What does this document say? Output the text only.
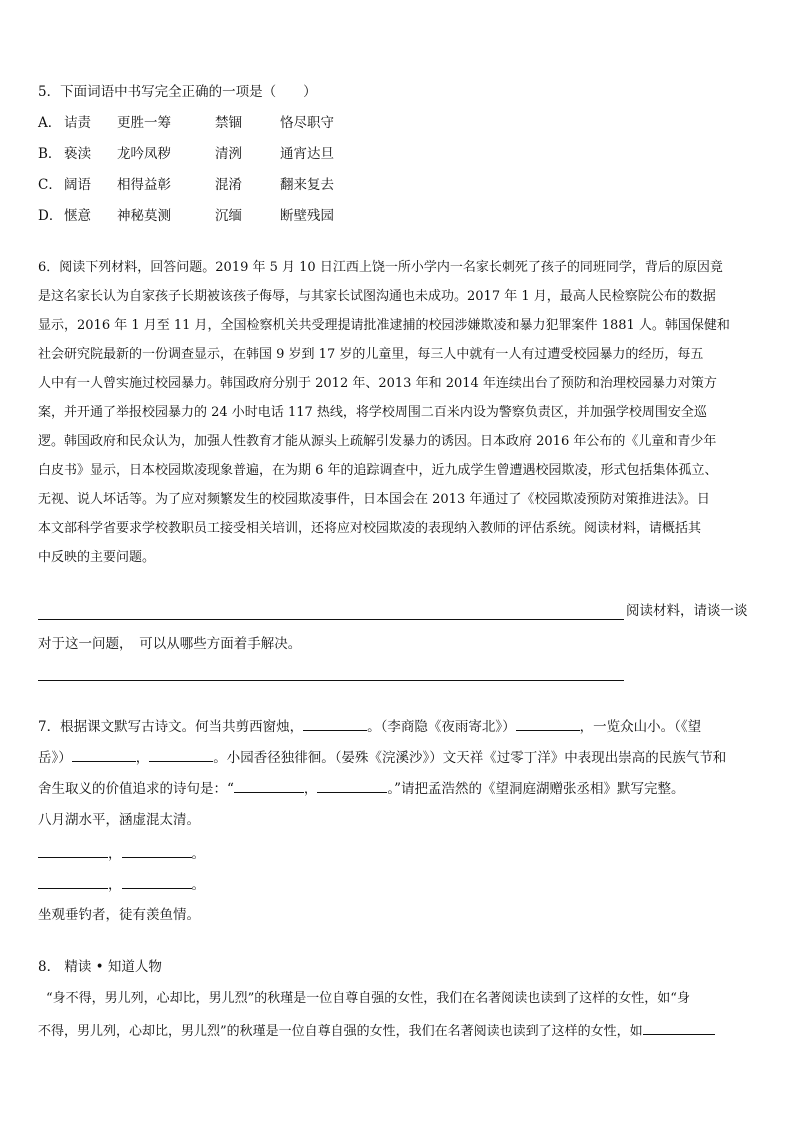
5．下面词语中书写完全正确的一项是（　　）
A． 诘责 更胜一筹	禁锢	恪尽职守
B． 亵渎 龙吟凤秽	清洌	通宵达旦
C． 阔语 相得益彰	混淆	翻来复去
D． 惬意 神秘莫测	沉缅	断壁残园
6．阅读下列材料，回答问题。2019 年 5 月 10 日江西上饶一所小学内一名家长刺死了孩子的同班同学，背后的原因竟
是这名家长认为自家孩子长期被该孩子侮辱，与其家长试图沟通也未成功。2017 年 1 月，最高人民检察院公布的数据
显示，2016 年 1 月至 11 月，全国检察机关共受理提请批准逮捕的校园涉嫌欺凌和暴力犯罪案件 1881 人。韩国保健和
社会研究院最新的一份调查显示，在韩国 9 岁到 17 岁的儿童里，每三人中就有一人有过遭受校园暴力的经历，每五
人中有一人曾实施过校园暴力。韩国政府分别于 2012 年、2013 年和 2014 年连续出台了预防和治理校园暴力对策方
案，并开通了举报校园暴力的 24 小时电话 117 热线，将学校周围二百米内设为警察负责区，并加强学校周围安全巡
逻。韩国政府和民众认为，加强人性教育才能从源头上疏解引发暴力的诱因。日本政府 2016 年公布的《儿童和青少年
白皮书》显示，日本校园欺凌现象普遍，在为期 6 年的追踪调查中，近九成学生曾遭遇校园欺凌，形式包括集体孤立、
无视、说人坏话等。为了应对频繁发生的校园欺凌事件，日本国会在 2013 年通过了《校园欺凌预防对策推进法》。日
本文部科学省要求学校教职员工接受相关培训，还将应对校园欺凌的表现纳入教师的评估系统。阅读材料，请概括其
中反映的主要问题。
阅读材料，请谈一谈
对于这一问题，　可以从哪些方面着手解决。
7．根据课文默写古诗文。何当共剪西窗烛，	。（李商隐《夜雨寄北》）	，一览众山小。（《望
岳》）	，	。小园香径独徘徊。（晏殊《浣溪沙》）文天祥《过零丁洋》中表现出崇高的民族气节和
舍生取义的价值追求的诗句是：“	，	。”请把孟浩然的《望洞庭湖赠张丞相》默写完整。
八月湖水平，涵虚混太清。
，	。
，	。
坐观垂钓者，徒有羡鱼情。
8． 精读 • 知道人物
“身不得，男儿列，心却比，男儿烈”的秋瑾是一位自尊自强的女性，我们在名著阅读也读到了这样的女性，如“身
不得，男儿列，心却比，男儿烈”的秋瑾是一位自尊自强的女性，我们在名著阅读也读到了这样的女性，如
